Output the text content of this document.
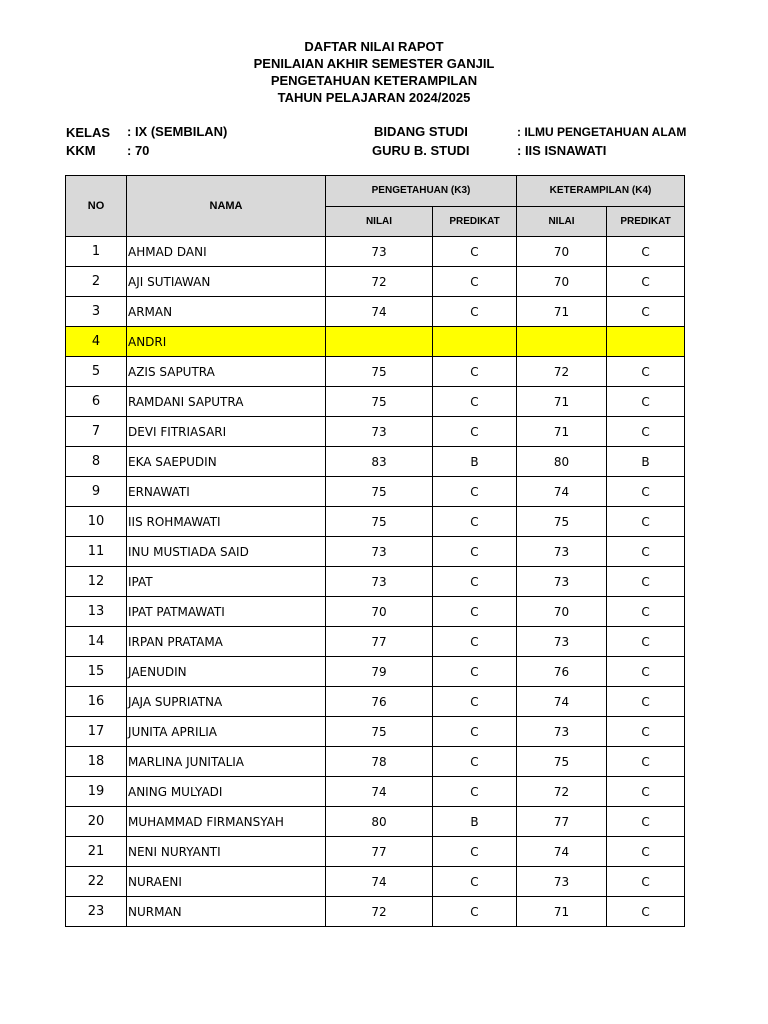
DAFTAR NILAI RAPOT
PENILAIAN AKHIR SEMESTER GANJIL
PENGETAHUAN KETERAMPILAN
TAHUN PELAJARAN 2024/2025
KELAS : IX (SEMBILAN)
KKM : 70
BIDANG STUDI	: ILMU PENGETAHUAN ALAM
GURU B. STUDI	: IIS ISNAWATI
NO	NAMA	PENGETAHUAN (K3)		KETERAMPILAN (K4)	
		NILAI	PREDIKAT	NILAI	PREDIKAT
1	AHMAD DANI	73	C	70	C
2	AJI SUTIAWAN	72	C	70	C
3	ARMAN	74	C	71	C
4	ANDRI				
5	AZIS SAPUTRA	75	C	72	C
6	RAMDANI SAPUTRA	75	C	71	C
7	DEVI FITRIASARI	73	C	71	C
8	EKA SAEPUDIN	83	B	80	B
9	ERNAWATI	75	C	74	C
10	IIS ROHMAWATI	75	C	75	C
11	INU MUSTIADA SAID	73	C	73	C
12	IPAT	73	C	73	C
13	IPAT PATMAWATI	70	C	70	C
14	IRPAN PRATAMA	77	C	73	C
15	JAENUDIN	79	C	76	C
16	JAJA SUPRIATNA	76	C	74	C
17	JUNITA APRILIA	75	C	73	C
18	MARLINA JUNITALIA	78	C	75	C
19	ANING MULYADI	74	C	72	C
20	MUHAMMAD FIRMANSYAH	80	B	77	C
21	NENI NURYANTI	77	C	74	C
22	NURAENI	74	C	73	C
23	NURMAN	72	C	71	C
